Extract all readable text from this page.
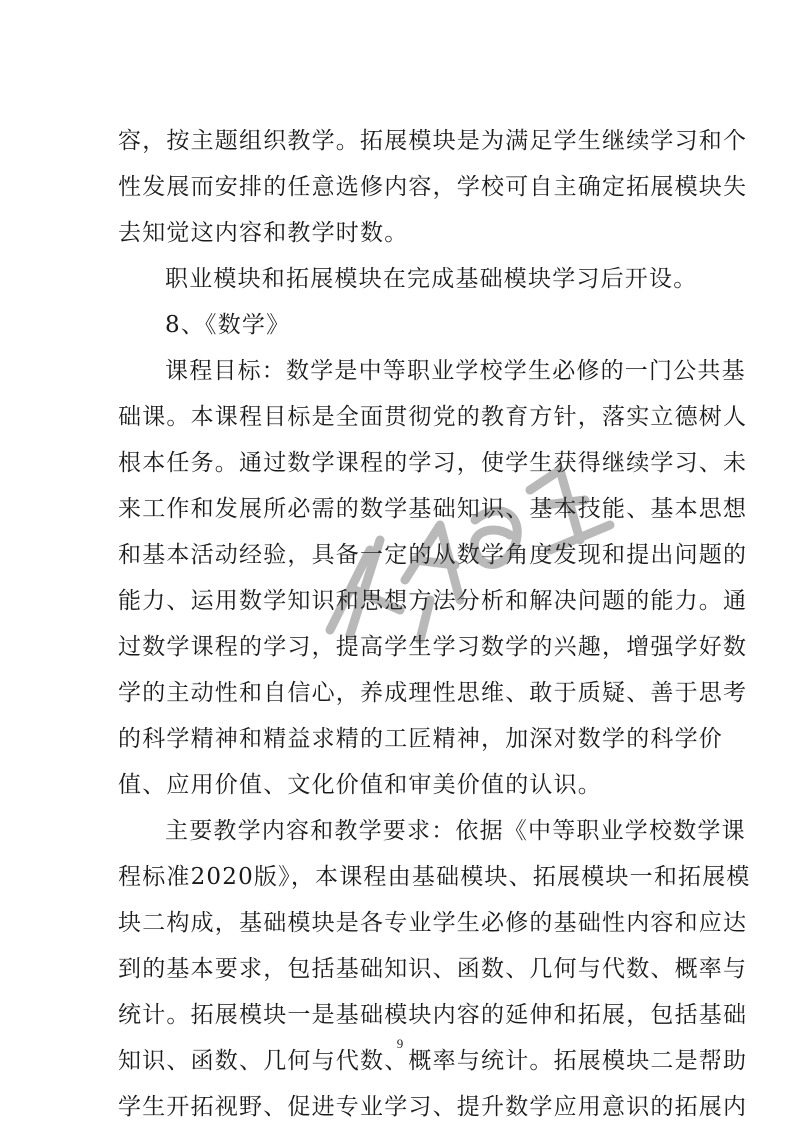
容，按主题组织教学。拓展模块是为满足学生继续学习和个
性发展而安排的任意选修内容，学校可自主确定拓展模块失
去知觉这内容和教学时数。
职业模块和拓展模块在完成基础模块学习后开设。
8、《数学》
课程目标：数学是中等职业学校学生必修的一门公共基
础课。本课程目标是全面贯彻党的教育方针，落实立德树人
根本任务。通过数学课程的学习，使学生获得继续学习、未
来工作和发展所必需的数学基础知识、基本技能、基本思想
和基本活动经验，具备一定的从数学角度发现和提出问题的
能力、运用数学知识和思想方法分析和解决问题的能力。通
过数学课程的学习，提高学生学习数学的兴趣，增强学好数
学的主动性和自信心，养成理性思维、敢于质疑、善于思考
的科学精神和精益求精的工匠精神，加深对数学的科学价
值、应用价值、文化价值和审美价值的认识。
主要教学内容和教学要求：依据《中等职业学校数学课
程标准2020版》，本课程由基础模块、拓展模块一和拓展模
块二构成，基础模块是各专业学生必修的基础性内容和应达
到的基本要求，包括基础知识、函数、几何与代数、概率与
统计。拓展模块一是基础模块内容的延伸和拓展，包括基础
知识、函数、几何与代数、概率与统计。拓展模块二是帮助
学生开拓视野、促进专业学习、提升数学应用意识的拓展内
9
